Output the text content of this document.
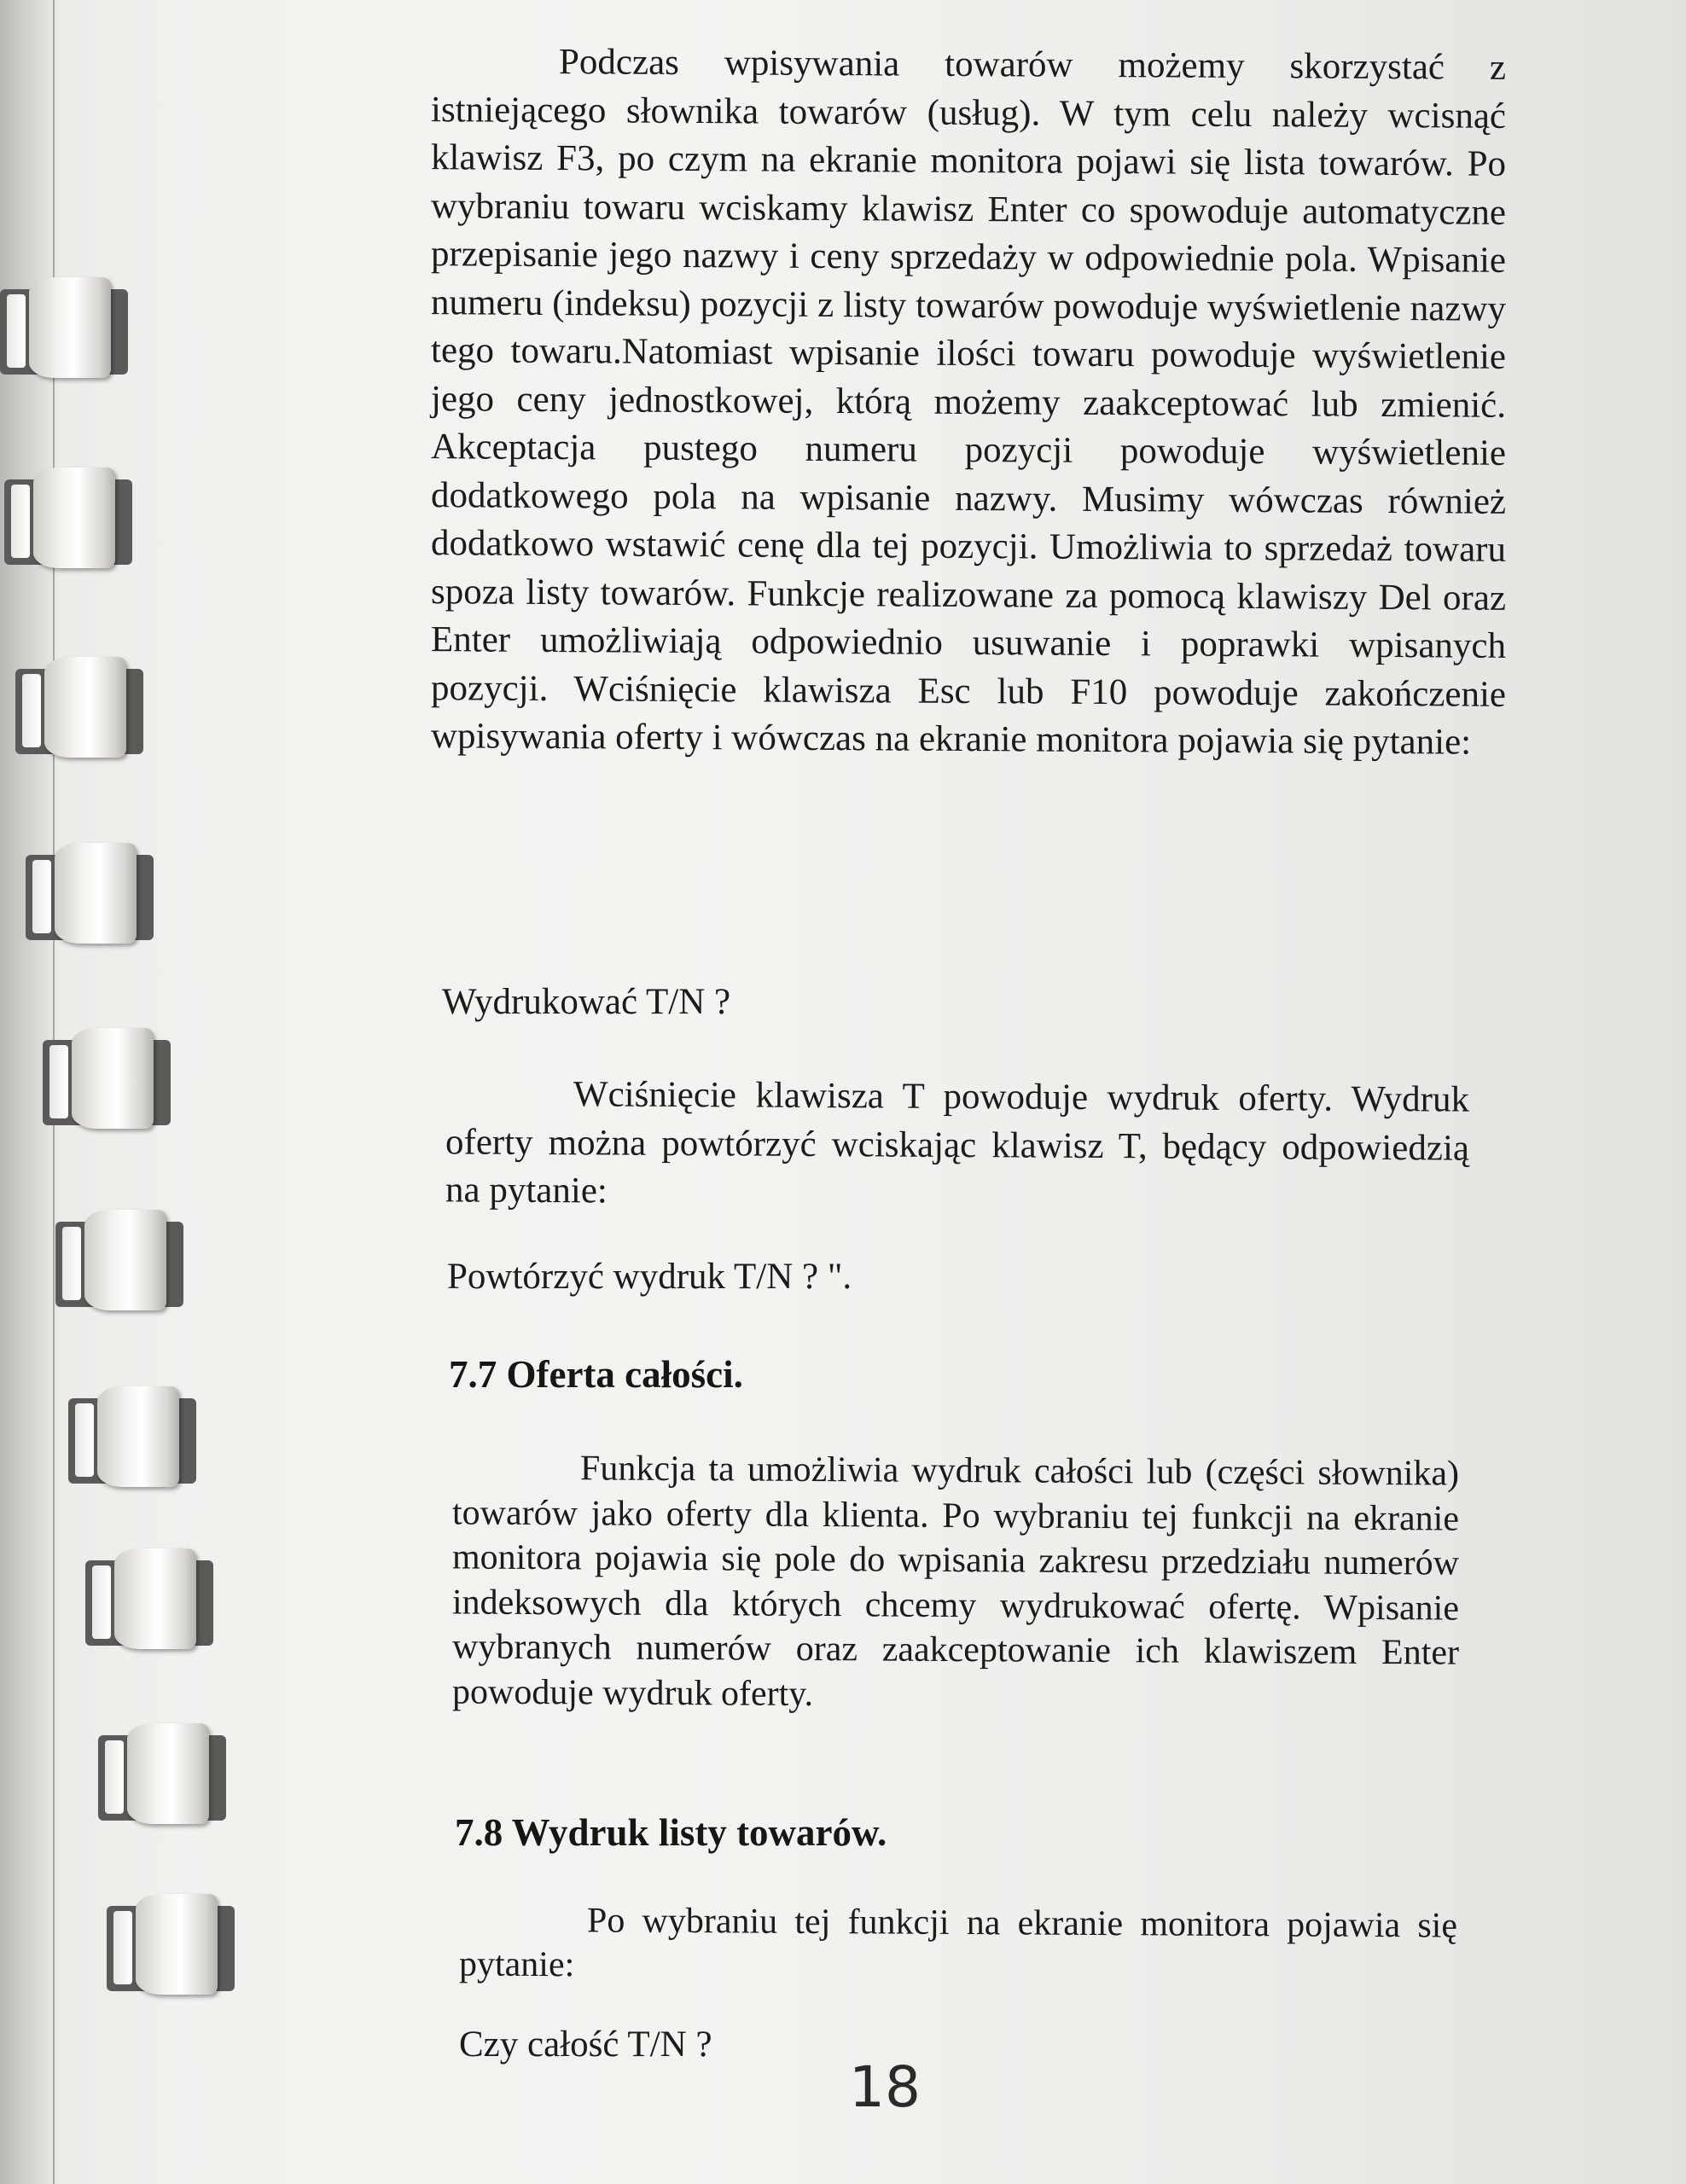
Podczas wpisywania towarów możemy skorzystać z istniejącego słownika towarów (usług). W tym celu należy wcisnąć klawisz F3, po czym na ekranie monitora pojawi się lista towarów. Po wybraniu towaru wciskamy klawisz Enter co spowoduje automatyczne przepisanie jego nazwy i ceny sprzedaży w odpowiednie pola. Wpisanie numeru (indeksu) pozycji z listy towarów powoduje wyświetlenie nazwy tego towaru.Natomiast wpisanie ilości towaru powoduje wyświetlenie jego ceny jednostkowej, którą możemy zaakceptować lub zmienić. Akceptacja pustego numeru pozycji powoduje wyświetlenie dodatkowego pola na wpisanie nazwy. Musimy wówczas również dodatkowo wstawić cenę dla tej pozycji. Umożliwia to sprzedaż towaru spoza listy towarów. Funkcje realizowane za pomocą klawiszy Del oraz Enter umożliwiają odpowiednio usuwanie i poprawki wpisanych pozycji. Wciśnięcie klawisza Esc lub F10 powoduje zakończenie wpisywania oferty i wówczas na ekranie monitora pojawia się pytanie:

Wydrukować T/N ?

Wciśnięcie klawisza T powoduje wydruk oferty. Wydruk oferty można powtórzyć wciskając klawisz T, będący odpowiedzią na pytanie:

Powtórzyć wydruk T/N ? ".
7.7 Oferta całości.

Funkcja ta umożliwia wydruk całości lub (części słownika) towarów jako oferty dla klienta. Po wybraniu tej funkcji na ekranie monitora pojawia się pole do wpisania zakresu przedziału numerów indeksowych dla których chcemy wydrukować ofertę. Wpisanie wybranych numerów oraz zaakceptowanie ich klawiszem Enter powoduje wydruk oferty.

7.8 Wydruk listy towarów.

Po wybraniu tej funkcji na ekranie monitora pojawia się pytanie:

Czy całość T/N ?
18
